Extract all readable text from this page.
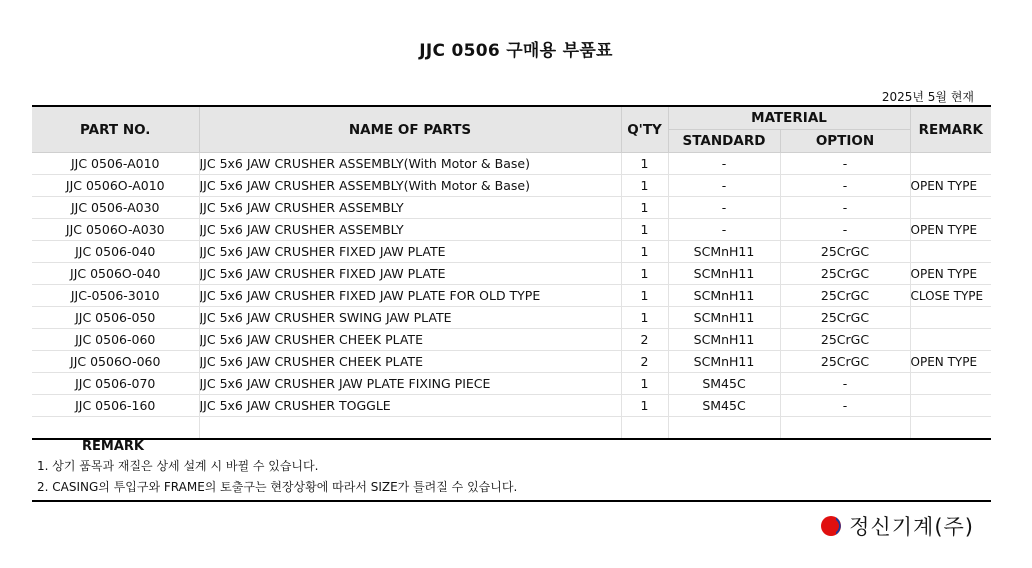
JJC 0506 구매용 부품표
2025년 5월 현재
PART NO.	NAME OF PARTS	Q'TY	MATERIAL		REMARK
			STANDARD	OPTION	
JJC 0506-A010	JJC 5x6 JAW CRUSHER ASSEMBLY(With Motor & Base)	1	-	-	
JJC 0506O-A010	JJC 5x6 JAW CRUSHER ASSEMBLY(With Motor & Base)	1	-	-	OPEN TYPE
JJC 0506-A030	JJC 5x6 JAW CRUSHER ASSEMBLY	1	-	-	
JJC 0506O-A030	JJC 5x6 JAW CRUSHER ASSEMBLY	1	-	-	OPEN TYPE
JJC 0506-040	JJC 5x6 JAW CRUSHER FIXED JAW PLATE	1	SCMnH11	25CrGC	
JJC 0506O-040	JJC 5x6 JAW CRUSHER FIXED JAW PLATE	1	SCMnH11	25CrGC	OPEN TYPE
JJC-0506-3010	JJC 5x6 JAW CRUSHER FIXED JAW PLATE FOR OLD TYPE	1	SCMnH11	25CrGC	CLOSE TYPE
JJC 0506-050	JJC 5x6 JAW CRUSHER SWING JAW PLATE	1	SCMnH11	25CrGC	
JJC 0506-060	JJC 5x6 JAW CRUSHER CHEEK PLATE	2	SCMnH11	25CrGC	
JJC 0506O-060	JJC 5x6 JAW CRUSHER CHEEK PLATE	2	SCMnH11	25CrGC	OPEN TYPE
JJC 0506-070	JJC 5x6 JAW CRUSHER JAW PLATE FIXING PIECE	1	SM45C	-	
JJC 0506-160	JJC 5x6 JAW CRUSHER TOGGLE	1	SM45C	-	

REMARK
1. 상기 품목과 재질은 상세 설계 시 바뀔 수 있습니다.
2. CASING의 투입구와 FRAME의 토출구는 현장상황에 따라서 SIZE가 틀려질 수 있습니다.
정신기계(주)
